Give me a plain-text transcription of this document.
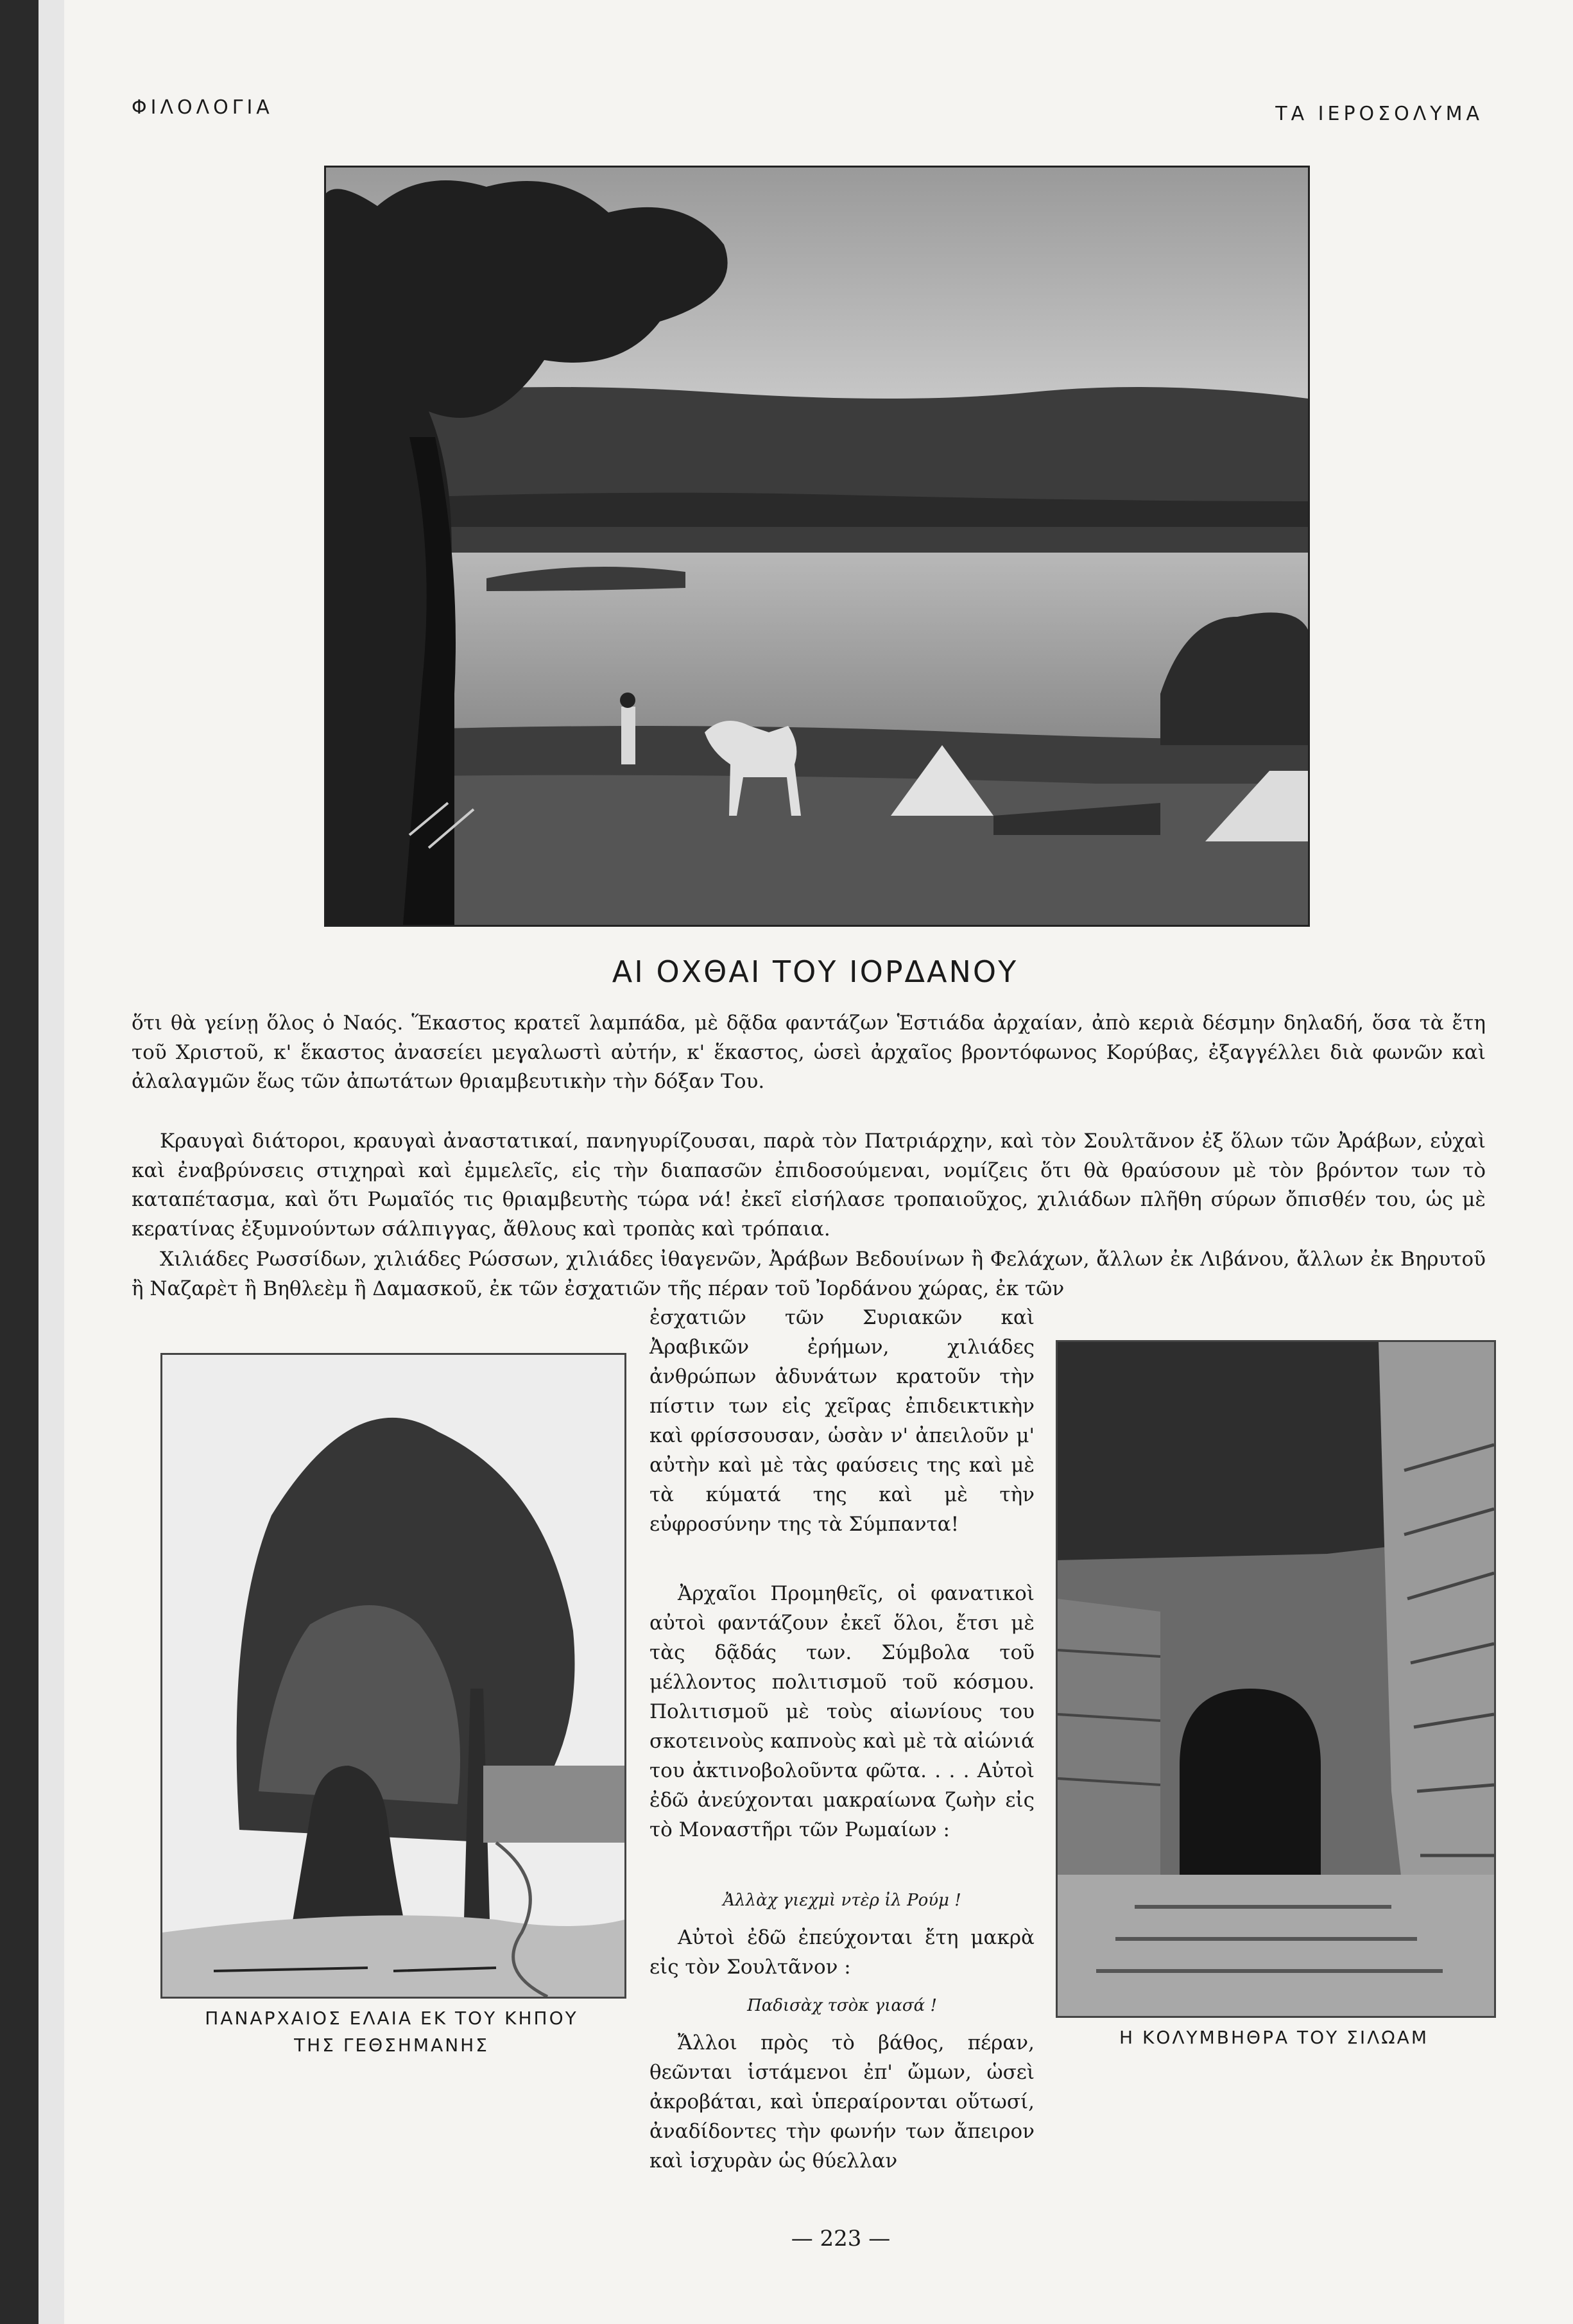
ΦΙΛΟΛΟΓΙΑ	ΤΑ ΙΕΡΟΣΟΛΥΜΑ
ΑΙ ΟΧΘΑΙ ΤΟΥ ΙΟΡΔΑΝΟΥ

ὅτι θὰ γείνῃ ὅλος ὁ Ναός. Ἕκαστος κρατεῖ λαμπάδα, μὲ δᾷδα φαντάζων Ἑστιάδα ἀρχαίαν, ἀπὸ κεριὰ δέσμην δηλαδή, ὅσα τὰ ἔτη τοῦ Χριστοῦ, κ' ἕκαστος ἀνασείει μεγαλωστὶ αὐτήν, κ' ἕκαστος, ὡσεὶ ἀρχαῖος βροντόφωνος Κορύβας, ἐξαγγέλλει διὰ φωνῶν καὶ ἀλαλαγμῶν ἕως τῶν ἀπωτάτων θριαμβευτικὴν τὴν δόξαν Του.

Κραυγαὶ διάτοροι, κραυγαὶ ἀναστατικαί, πανηγυρίζουσαι, παρὰ τὸν Πατριάρχην, καὶ τὸν Σουλτᾶνον ἐξ ὅλων τῶν Ἀράβων, εὐχαὶ καὶ ἐναβρύνσεις στιχηραὶ καὶ ἐμμελεῖς, εἰς τὴν διαπασῶν ἐπιδοσούμεναι, νομίζεις ὅτι θὰ θραύσουν μὲ τὸν βρόντον των τὸ καταπέτασμα, καὶ ὅτι Ρωμαῖός τις θριαμβευτὴς τώρα νά! ἐκεῖ εἰσήλασε τροπαιοῦχος, χιλιάδων πλῆθη σύρων ὄπισθέν του, ὡς μὲ κερατίνας ἐξυμνούντων σάλπιγγας, ἄθλους καὶ τροπὰς καὶ τρόπαια.

Χιλιάδες Ρωσσίδων, χιλιάδες Ρώσσων, χιλιάδες ἰθαγενῶν, Ἀράβων Βεδουίνων ἢ Φελάχων, ἄλλων ἐκ Λιβάνου, ἄλλων ἐκ Βηρυτοῦ ἢ Ναζαρὲτ ἢ Βηθλεὲμ ἢ Δαμασκοῦ, ἐκ τῶν ἐσχατιῶν τῆς πέραν τοῦ Ἰορδάνου χώρας, ἐκ τῶν

ΠΑΝΑΡΧΑΙΟΣ ΕΛΑΙΑ ΕΚ ΤΟΥ ΚΗΠΟΥ
ΤΗΣ ΓΕΘΣΗΜΑΝΗΣ	Η ΚΟΛΥΜΒΗΘΡΑ ΤΟΥ ΣΙΛΩΑΜ

ἐσχατιῶν τῶν Συριακῶν καὶ Ἀραβικῶν ἐρήμων, χιλιάδες ἀνθρώπων ἀδυνάτων κρατοῦν τὴν πίστιν των εἰς χεῖρας ἐπιδεικτικὴν καὶ φρίσσουσαν, ὡσὰν ν' ἀπειλοῦν μ' αὐτὴν καὶ μὲ τὰς φαύσεις της καὶ μὲ τὰ κύματά της καὶ μὲ τὴν εὐφροσύνην της τὰ Σύμπαντα!

Ἀρχαῖοι Προμηθεῖς, οἱ φανατικοὶ αὐτοὶ φαντάζουν ἐκεῖ ὅλοι, ἔτσι μὲ τὰς δᾷδάς των. Σύμβολα τοῦ μέλλοντος πολιτισμοῦ τοῦ κόσμου. Πολιτισμοῦ μὲ τοὺς αἰωνίους του σκοτεινοὺς καπνοὺς καὶ μὲ τὰ αἰώνιά του ἀκτινοβολοῦντα φῶτα. . . . Αὐτοὶ ἐδῶ ἀνεύχονται μακραίωνα ζωὴν εἰς τὸ Μοναστῆρι τῶν Ρωμαίων :

Ἀλλὰχ γιεχμὶ ντὲρ ἰλ Ρούμ !

Αὐτοὶ ἐδῶ ἐπεύχονται ἔτη μακρὰ εἰς τὸν Σουλτᾶνον :

Παδισὰχ τσὸκ γιασά !

Ἄλλοι πρὸς τὸ βάθος, πέραν, θεῶνται ἱστάμενοι ἐπ' ὤμων, ὡσεὶ ἀκροβάται, καὶ ὑπεραίρονται οὕτωσί, ἀναδίδοντες τὴν φωνήν των ἄπειρον καὶ ἰσχυρὰν ὡς θύελλαν

— 223 —
